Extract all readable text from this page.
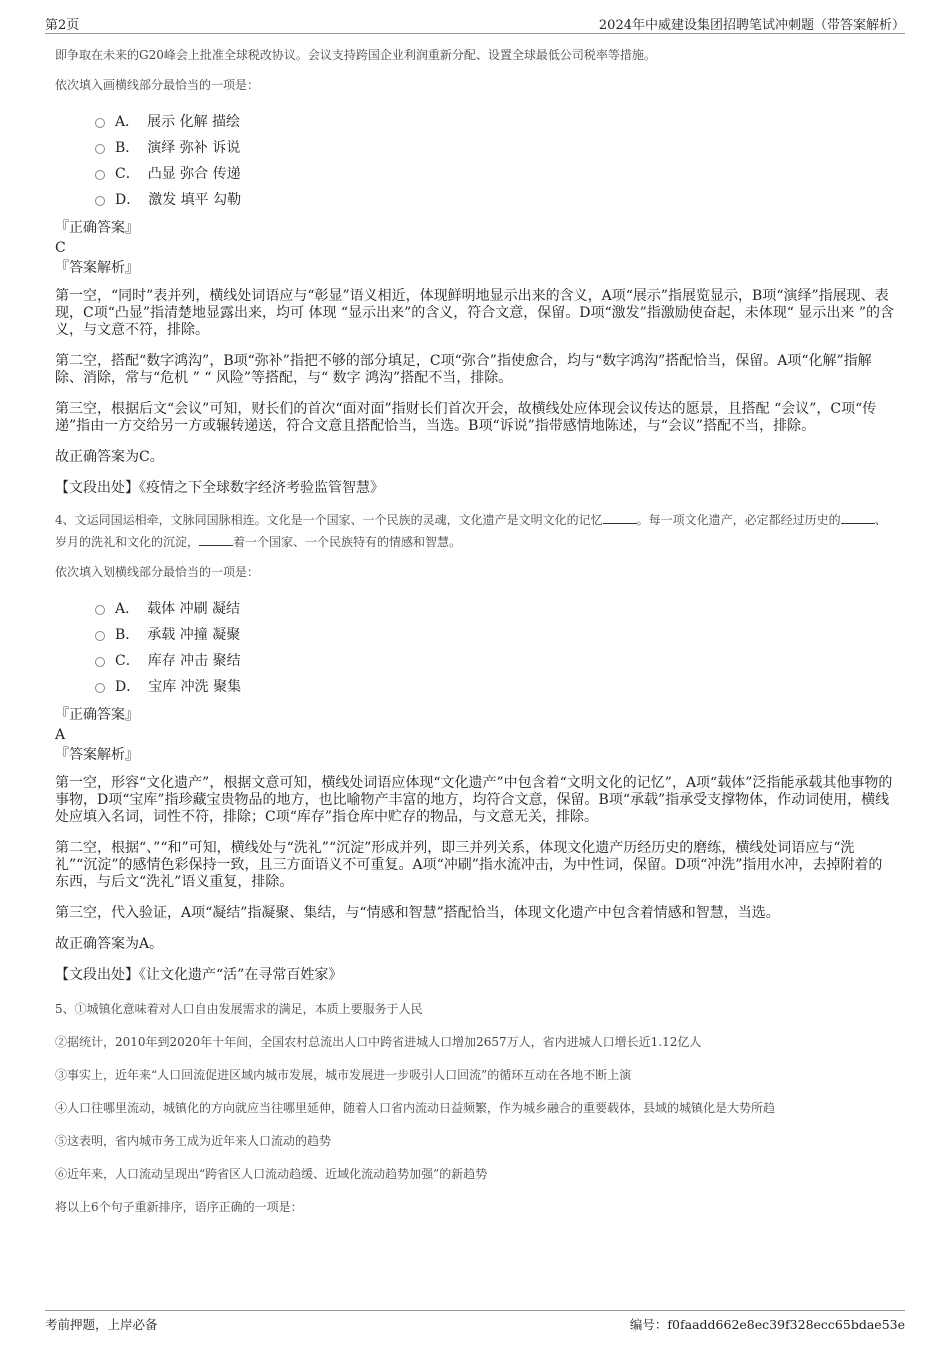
第2页	2024年中威建设集团招聘笔试冲刺题（带答案解析）
即争取在未来的G20峰会上批准全球税改协议。会议支持跨国企业利润重新分配、设置全球最低公司税率等措施。
依次填入画横线部分最恰当的一项是：
A． 展示 化解 描绘
B． 演绎 弥补 诉说
C． 凸显 弥合 传递
D． 激发 填平 勾勒
『正确答案』
C
『答案解析』
第一空，“同时”表并列，横线处词语应与“彰显”语义相近，体现鲜明地显示出来的含义，A项“展示”指展览显示，B项“演绎”指展现、表现，C项“凸显”指清楚地显露出来，均可 体现 “显示出来”的含义，符合文意，保留。D项“激发”指激励使奋起，未体现“ 显示出来 ”的含义，与文意不符，排除。
第二空，搭配“数字鸿沟”，B项“弥补”指把不够的部分填足，C项“弥合”指使愈合，均与“数字鸿沟”搭配恰当，保留。A项“化解”指解除、消除，常与“危机 ” “ 风险”等搭配，与“ 数字 鸿沟”搭配不当，排除。
第三空，根据后文“会议”可知，财长们的首次“面对面”指财长们首次开会，故横线处应体现会议传达的愿景，且搭配 “会议”，C项“传递”指由一方交给另一方或辗转递送，符合文意且搭配恰当，当选。B项“诉说”指带感情地陈述，与“会议”搭配不当，排除。
故正确答案为C。
【文段出处】《疫情之下全球数字经济考验监管智慧》
4、文运同国运相牵，文脉同国脉相连。文化是一个国家、一个民族的灵魂，文化遗产是文明文化的记忆	。每一项文化遗产，必定都经过历史的	、岁月的洗礼和文化的沉淀，	着一个国家、一个民族特有的情感和智慧。
依次填入划横线部分最恰当的一项是：
A． 载体 冲刷 凝结
B． 承载 冲撞 凝聚
C． 库存 冲击 聚结
D． 宝库 冲洗 聚集
『正确答案』
A
『答案解析』
第一空，形容“文化遗产”，根据文意可知，横线处词语应体现“文化遗产”中包含着“文明文化的记忆”，A项“载体”泛指能承载其他事物的事物，D项“宝库”指珍藏宝贵物品的地方，也比喻物产丰富的地方，均符合文意，保留。B项“承载”指承受支撑物体，作动词使用，横线处应填入名词，词性不符，排除；C项“库存”指仓库中贮存的物品，与文意无关，排除。
第二空，根据“、”“和”可知，横线处与“洗礼”“沉淀”形成并列，即三并列关系，体现文化遗产历经历史的磨练，横线处词语应与“洗礼”“沉淀”的感情色彩保持一致，且三方面语义不可重复。A项“冲刷”指水流冲击，为中性词，保留。D项“冲洗”指用水冲，去掉附着的东西，与后文“洗礼”语义重复，排除。
第三空，代入验证，A项“凝结”指凝聚、集结，与“情感和智慧”搭配恰当，体现文化遗产中包含着情感和智慧，当选。
故正确答案为A。
【文段出处】《让文化遗产“活”在寻常百姓家》
5、①城镇化意味着对人口自由发展需求的满足，本质上要服务于人民
②据统计，2010年到2020年十年间，全国农村总流出人口中跨省进城人口增加2657万人，省内进城人口增长近1.12亿人
③事实上，近年来“人口回流促进区域内城市发展，城市发展进一步吸引人口回流”的循环互动在各地不断上演
④人口往哪里流动，城镇化的方向就应当往哪里延伸，随着人口省内流动日益频繁，作为城乡融合的重要载体，县域的城镇化是大势所趋
⑤这表明，省内城市务工成为近年来人口流动的趋势
⑥近年来，人口流动呈现出“跨省区人口流动趋缓、近域化流动趋势加强”的新趋势
将以上6个句子重新排序，语序正确的一项是：
考前押题，上岸必备	编号：f0faadd662e8ec39f328ecc65bdae53e
